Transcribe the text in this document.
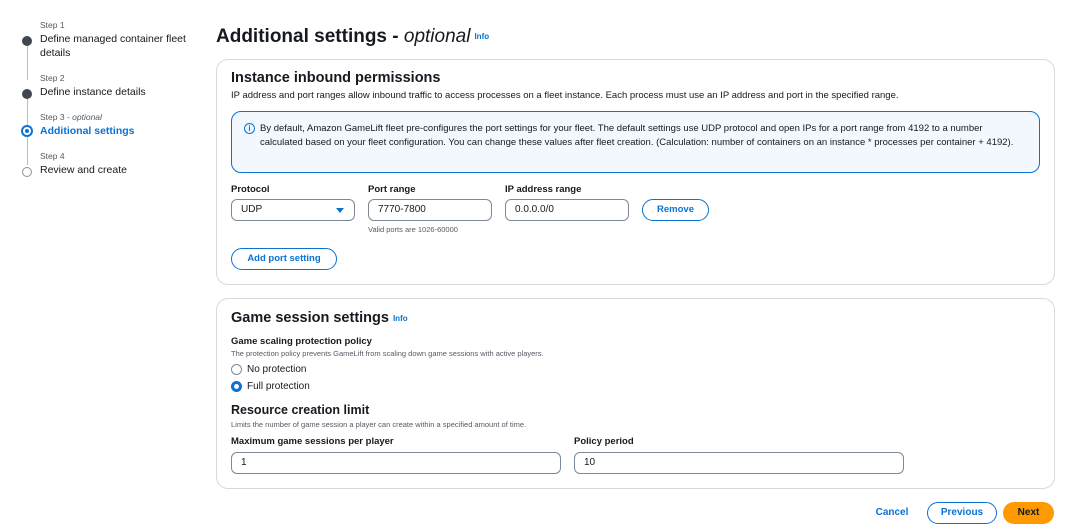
Step 1
Define managed container fleet details
Step 2
Define instance details
Step 3 - optional
Additional settings
Step 4
Review and create
Additional settings - optional Info
Instance inbound permissions
IP address and port ranges allow inbound traffic to access processes on a fleet instance. Each process must use an IP address and port in the specified range.
i By default, Amazon GameLift fleet pre-configures the port settings for your fleet. The default settings use UDP protocol and open IPs for a port range from 4192 to a number calculated based on your fleet configuration. You can change these values after fleet creation. (Calculation: number of containers on an instance * processes per container + 4192).
Protocol
UDP
Port range
7770-7800
Valid ports are 1026-60000
IP address range
0.0.0.0/0	Remove
Add port setting
Game session settings Info
Game scaling protection policy
The protection policy prevents GameLift from scaling down game sessions with active players.
No protection
Full protection
Resource creation limit
Limits the number of game session a player can create within a specified amount of time.
Maximum game sessions per player
1
Policy period
10
Cancel	Previous	Next
